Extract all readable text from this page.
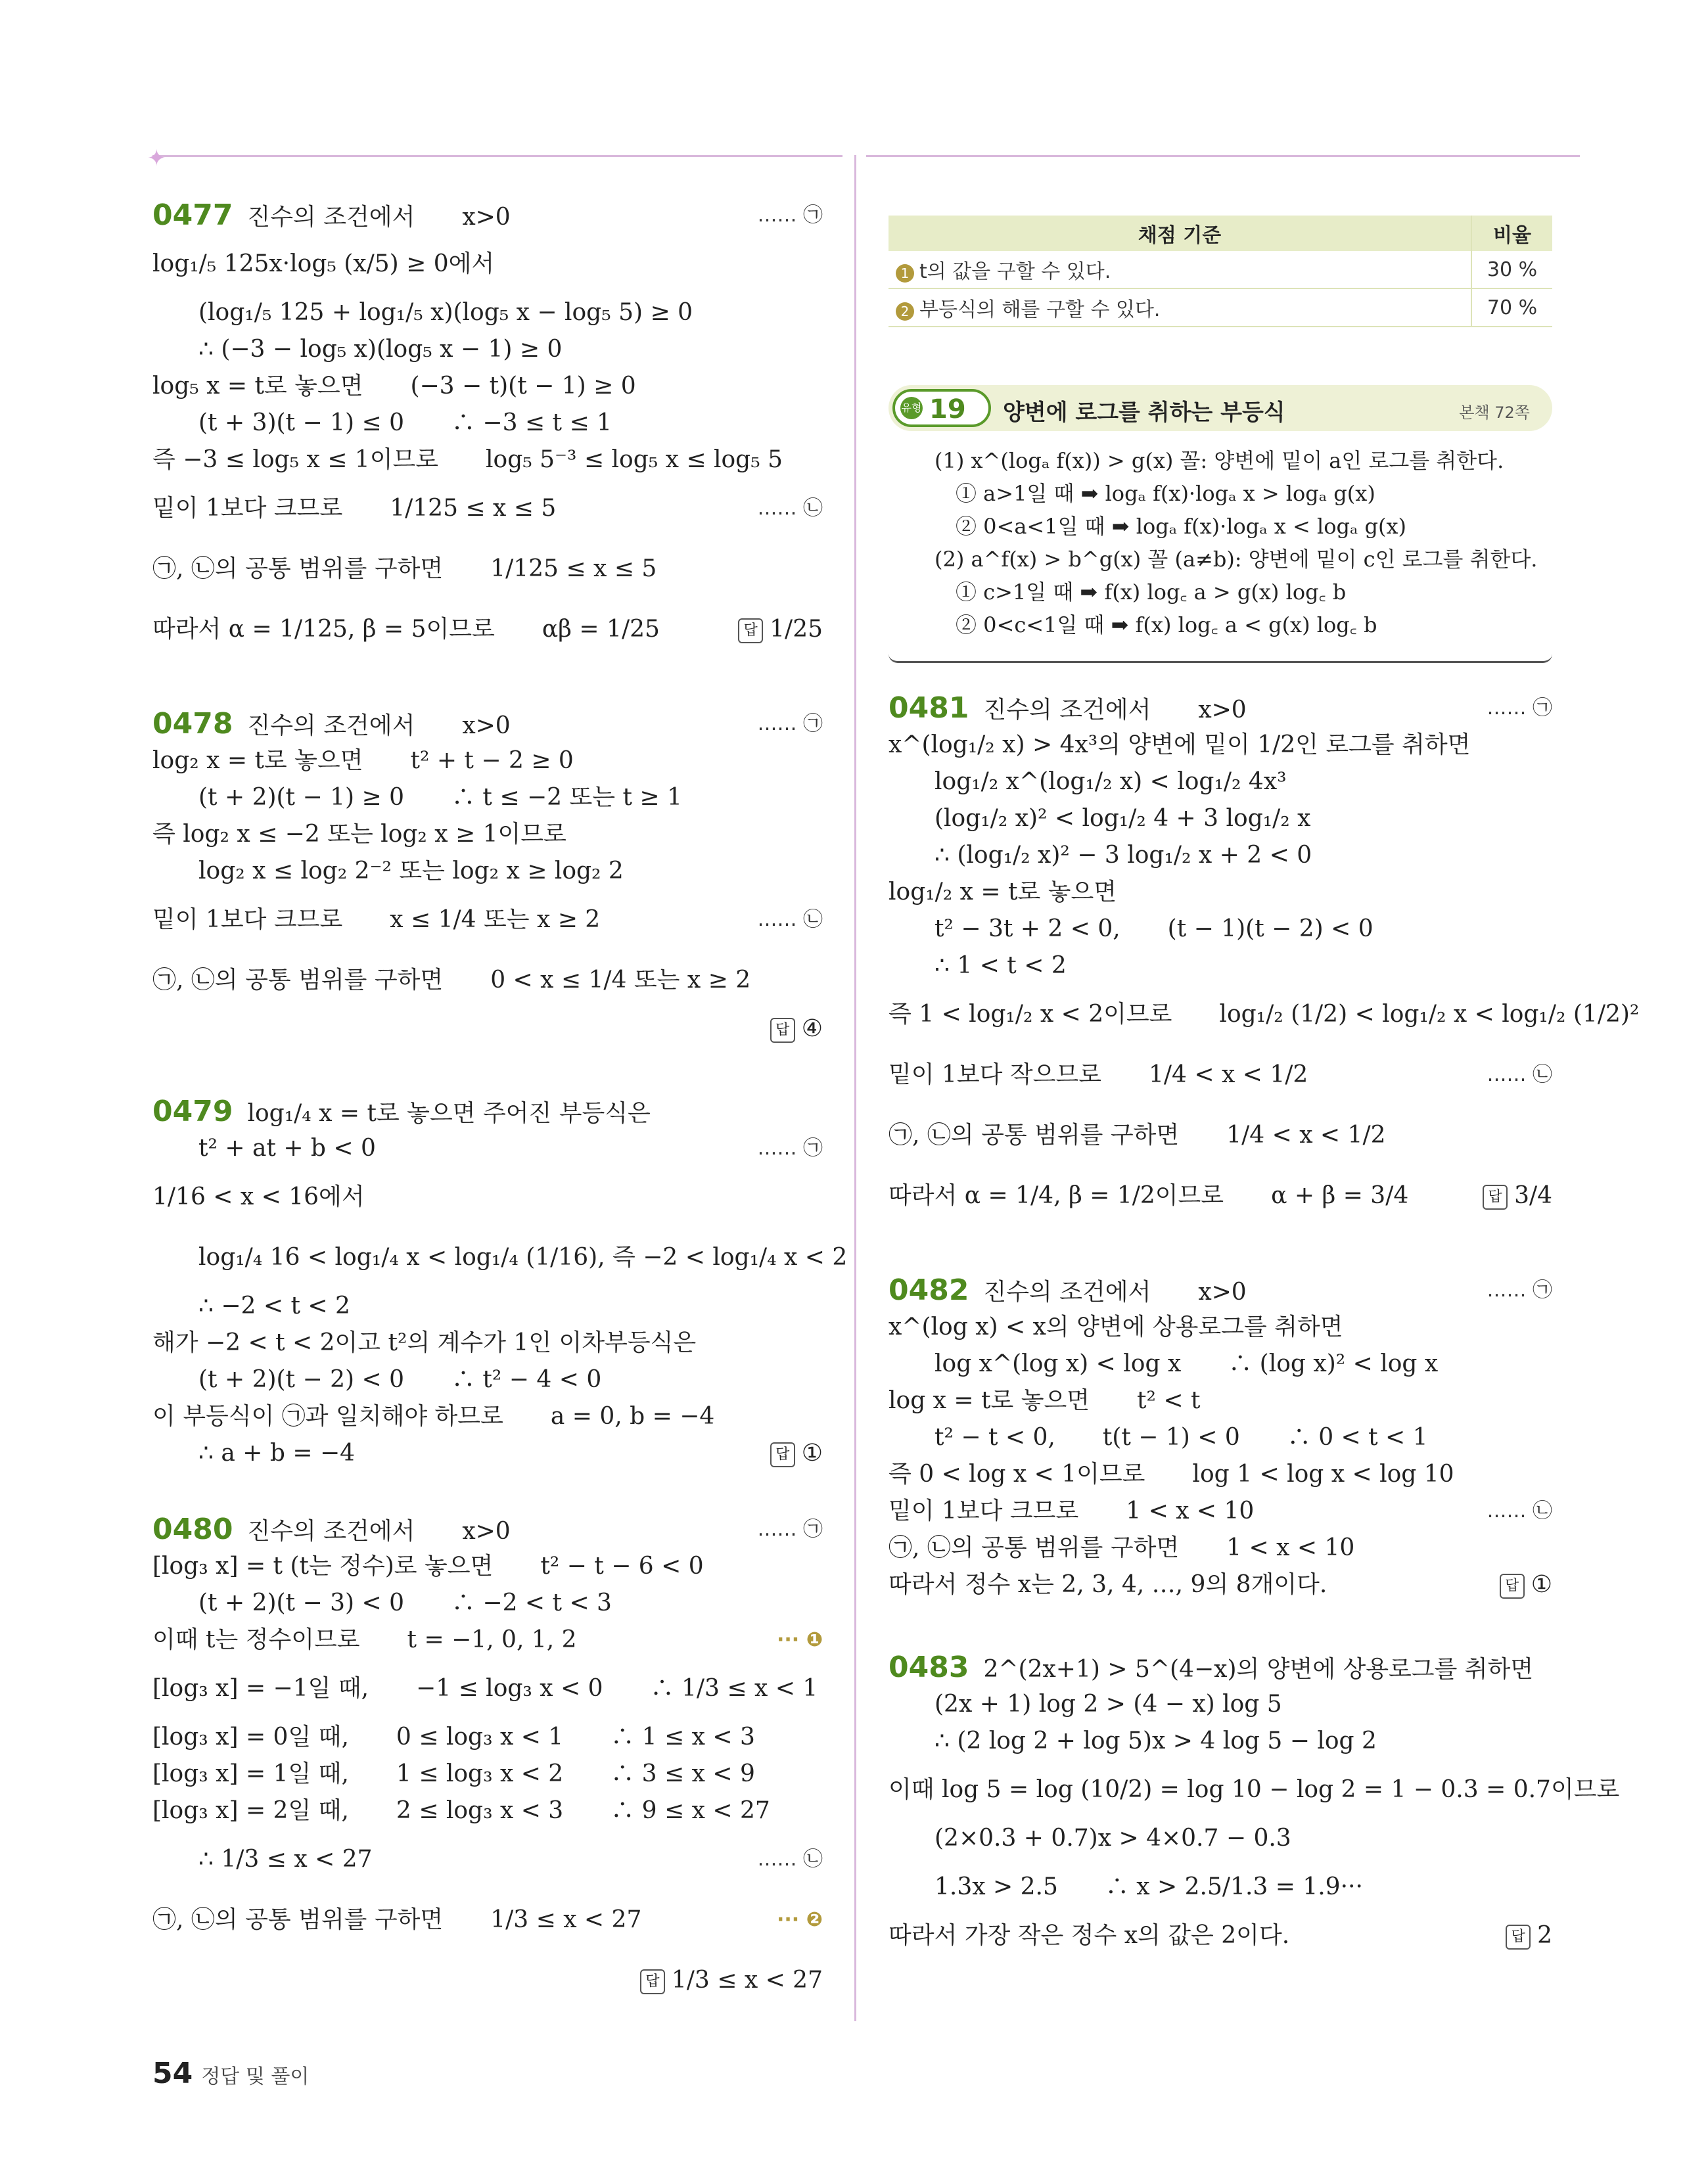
✦
0477 진수의 조건에서　　x>0	…… ㉠
log₁/₅ 125x·log₅ (x/5) ≥ 0에서
(log₁/₅ 125 + log₁/₅ x)(log₅ x − log₅ 5) ≥ 0
∴ (−3 − log₅ x)(log₅ x − 1) ≥ 0
log₅ x = t로 놓으면　　(−3 − t)(t − 1) ≥ 0
(t + 3)(t − 1) ≤ 0　　∴ −3 ≤ t ≤ 1
즉 −3 ≤ log₅ x ≤ 1이므로　　log₅ 5⁻³ ≤ log₅ x ≤ log₅ 5
밑이 1보다 크므로　　1/125 ≤ x ≤ 5	…… ㉡
㉠, ㉡의 공통 범위를 구하면　　1/125 ≤ x ≤ 5
따라서 α = 1/125, β = 5이므로　　αβ = 1/25	답 1/25
0478 진수의 조건에서　　x>0	…… ㉠
log₂ x = t로 놓으면　　t² + t − 2 ≥ 0
(t + 2)(t − 1) ≥ 0　　∴ t ≤ −2 또는 t ≥ 1
즉 log₂ x ≤ −2 또는 log₂ x ≥ 1이므로
log₂ x ≤ log₂ 2⁻² 또는 log₂ x ≥ log₂ 2
밑이 1보다 크므로　　x ≤ 1/4 또는 x ≥ 2	…… ㉡
㉠, ㉡의 공통 범위를 구하면　　0 < x ≤ 1/4 또는 x ≥ 2
답 ④
0479 log₁/₄ x = t로 놓으면 주어진 부등식은
t² + at + b < 0	…… ㉠
1/16 < x < 16에서
log₁/₄ 16 < log₁/₄ x < log₁/₄ (1/16), 즉 −2 < log₁/₄ x < 2
∴ −2 < t < 2
해가 −2 < t < 2이고 t²의 계수가 1인 이차부등식은
(t + 2)(t − 2) < 0　　∴ t² − 4 < 0
이 부등식이 ㉠과 일치해야 하므로　　a = 0, b = −4
∴ a + b = −4	답 ①
0480 진수의 조건에서　　x>0	…… ㉠
[log₃ x] = t (t는 정수)로 놓으면　　t² − t − 6 < 0
(t + 2)(t − 3) < 0　　∴ −2 < t < 3
이때 t는 정수이므로　　t = −1, 0, 1, 2	··· ❶
[log₃ x] = −1일 때,　　−1 ≤ log₃ x < 0　　∴ 1/3 ≤ x < 1
[log₃ x] = 0일 때,　　0 ≤ log₃ x < 1　　∴ 1 ≤ x < 3
[log₃ x] = 1일 때,　　1 ≤ log₃ x < 2　　∴ 3 ≤ x < 9
[log₃ x] = 2일 때,　　2 ≤ log₃ x < 3　　∴ 9 ≤ x < 27
∴ 1/3 ≤ x < 27	…… ㉡
㉠, ㉡의 공통 범위를 구하면　　1/3 ≤ x < 27	··· ❷
답 1/3 ≤ x < 27
채점 기준	비율
1 t의 값을 구할 수 있다.	30 %
2 부등식의 해를 구할 수 있다.	70 %
유형 19 양변에 로그를 취하는 부등식	본책 72쪽
(1) x^(logₐ f(x)) > g(x) 꼴: 양변에 밑이 a인 로그를 취한다.
　① a>1일 때 ➡ logₐ f(x)·logₐ x > logₐ g(x)
　② 0<a<1일 때 ➡ logₐ f(x)·logₐ x < logₐ g(x)
(2) a^f(x) > b^g(x) 꼴 (a≠b): 양변에 밑이 c인 로그를 취한다.
　① c>1일 때 ➡ f(x) log꜀ a > g(x) log꜀ b
　② 0<c<1일 때 ➡ f(x) log꜀ a < g(x) log꜀ b
0481 진수의 조건에서　　x>0	…… ㉠
x^(log₁/₂ x) > 4x³의 양변에 밑이 1/2인 로그를 취하면
log₁/₂ x^(log₁/₂ x) < log₁/₂ 4x³
(log₁/₂ x)² < log₁/₂ 4 + 3 log₁/₂ x
∴ (log₁/₂ x)² − 3 log₁/₂ x + 2 < 0
log₁/₂ x = t로 놓으면
t² − 3t + 2 < 0,　　(t − 1)(t − 2) < 0
∴ 1 < t < 2
즉 1 < log₁/₂ x < 2이므로　　log₁/₂ (1/2) < log₁/₂ x < log₁/₂ (1/2)²
밑이 1보다 작으므로　　1/4 < x < 1/2	…… ㉡
㉠, ㉡의 공통 범위를 구하면　　1/4 < x < 1/2
따라서 α = 1/4, β = 1/2이므로　　α + β = 3/4	답 3/4
0482 진수의 조건에서　　x>0	…… ㉠
x^(log x) < x의 양변에 상용로그를 취하면
log x^(log x) < log x　　∴ (log x)² < log x
log x = t로 놓으면　　t² < t
t² − t < 0,　　t(t − 1) < 0　　∴ 0 < t < 1
즉 0 < log x < 1이므로　　log 1 < log x < log 10
밑이 1보다 크므로　　1 < x < 10	…… ㉡
㉠, ㉡의 공통 범위를 구하면　　1 < x < 10
따라서 정수 x는 2, 3, 4, …, 9의 8개이다.	답 ①
0483 2^(2x+1) > 5^(4−x)의 양변에 상용로그를 취하면
(2x + 1) log 2 > (4 − x) log 5
∴ (2 log 2 + log 5)x > 4 log 5 − log 2
이때 log 5 = log (10/2) = log 10 − log 2 = 1 − 0.3 = 0.7이므로
(2×0.3 + 0.7)x > 4×0.7 − 0.3
1.3x > 2.5　　∴ x > 2.5/1.3 = 1.9···
따라서 가장 작은 정수 x의 값은 2이다.	답 2
54 정답 및 풀이
